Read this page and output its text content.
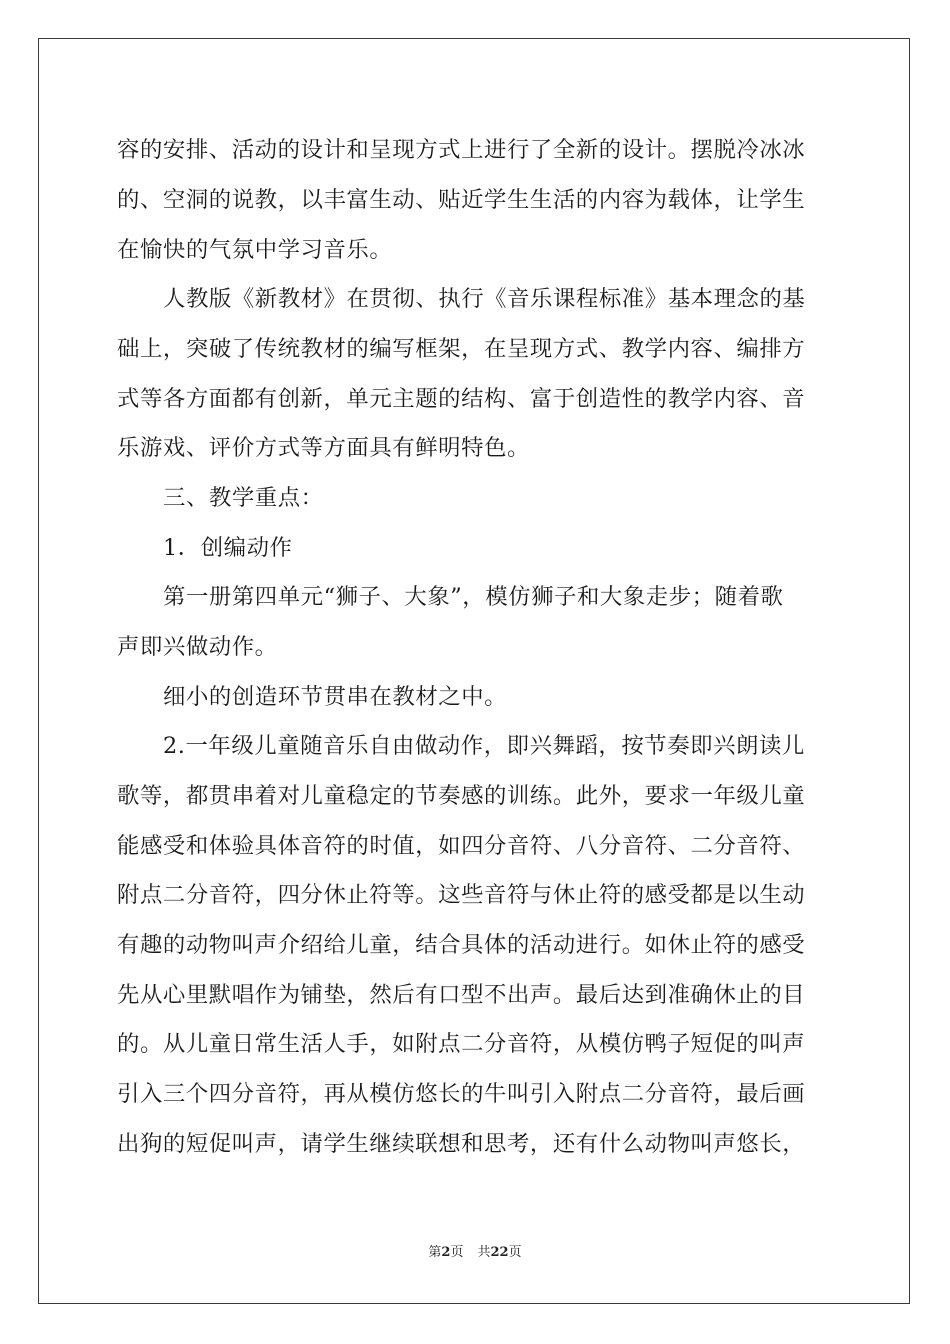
容的安排、活动的设计和呈现方式上进行了全新的设计。摆脱冷冰冰
的、空洞的说教，以丰富生动、贴近学生生活的内容为载体，让学生
在愉快的气氛中学习音乐。
人教版《新教材》在贯彻、执行《音乐课程标准》基本理念的基
础上，突破了传统教材的编写框架，在呈现方式、教学内容、编排方
式等各方面都有创新，单元主题的结构、富于创造性的教学内容、音
乐游戏、评价方式等方面具有鲜明特色。
三、教学重点：
1．创编动作
第一册第四单元“狮子、大象”，模仿狮子和大象走步；随着歌
声即兴做动作。
细小的创造环节贯串在教材之中。
2.一年级儿童随音乐自由做动作，即兴舞蹈，按节奏即兴朗读儿
歌等，都贯串着对儿童稳定的节奏感的训练。此外，要求一年级儿童
能感受和体验具体音符的时值，如四分音符、八分音符、二分音符、
附点二分音符，四分休止符等。这些音符与休止符的感受都是以生动
有趣的动物叫声介绍给儿童，结合具体的活动进行。如休止符的感受
先从心里默唱作为铺垫，然后有口型不出声。最后达到准确休止的目
的。从儿童日常生活人手，如附点二分音符，从模仿鸭子短促的叫声
引入三个四分音符，再从模仿悠长的牛叫引入附点二分音符，最后画
出狗的短促叫声，请学生继续联想和思考，还有什么动物叫声悠长，
第2页 共22页
